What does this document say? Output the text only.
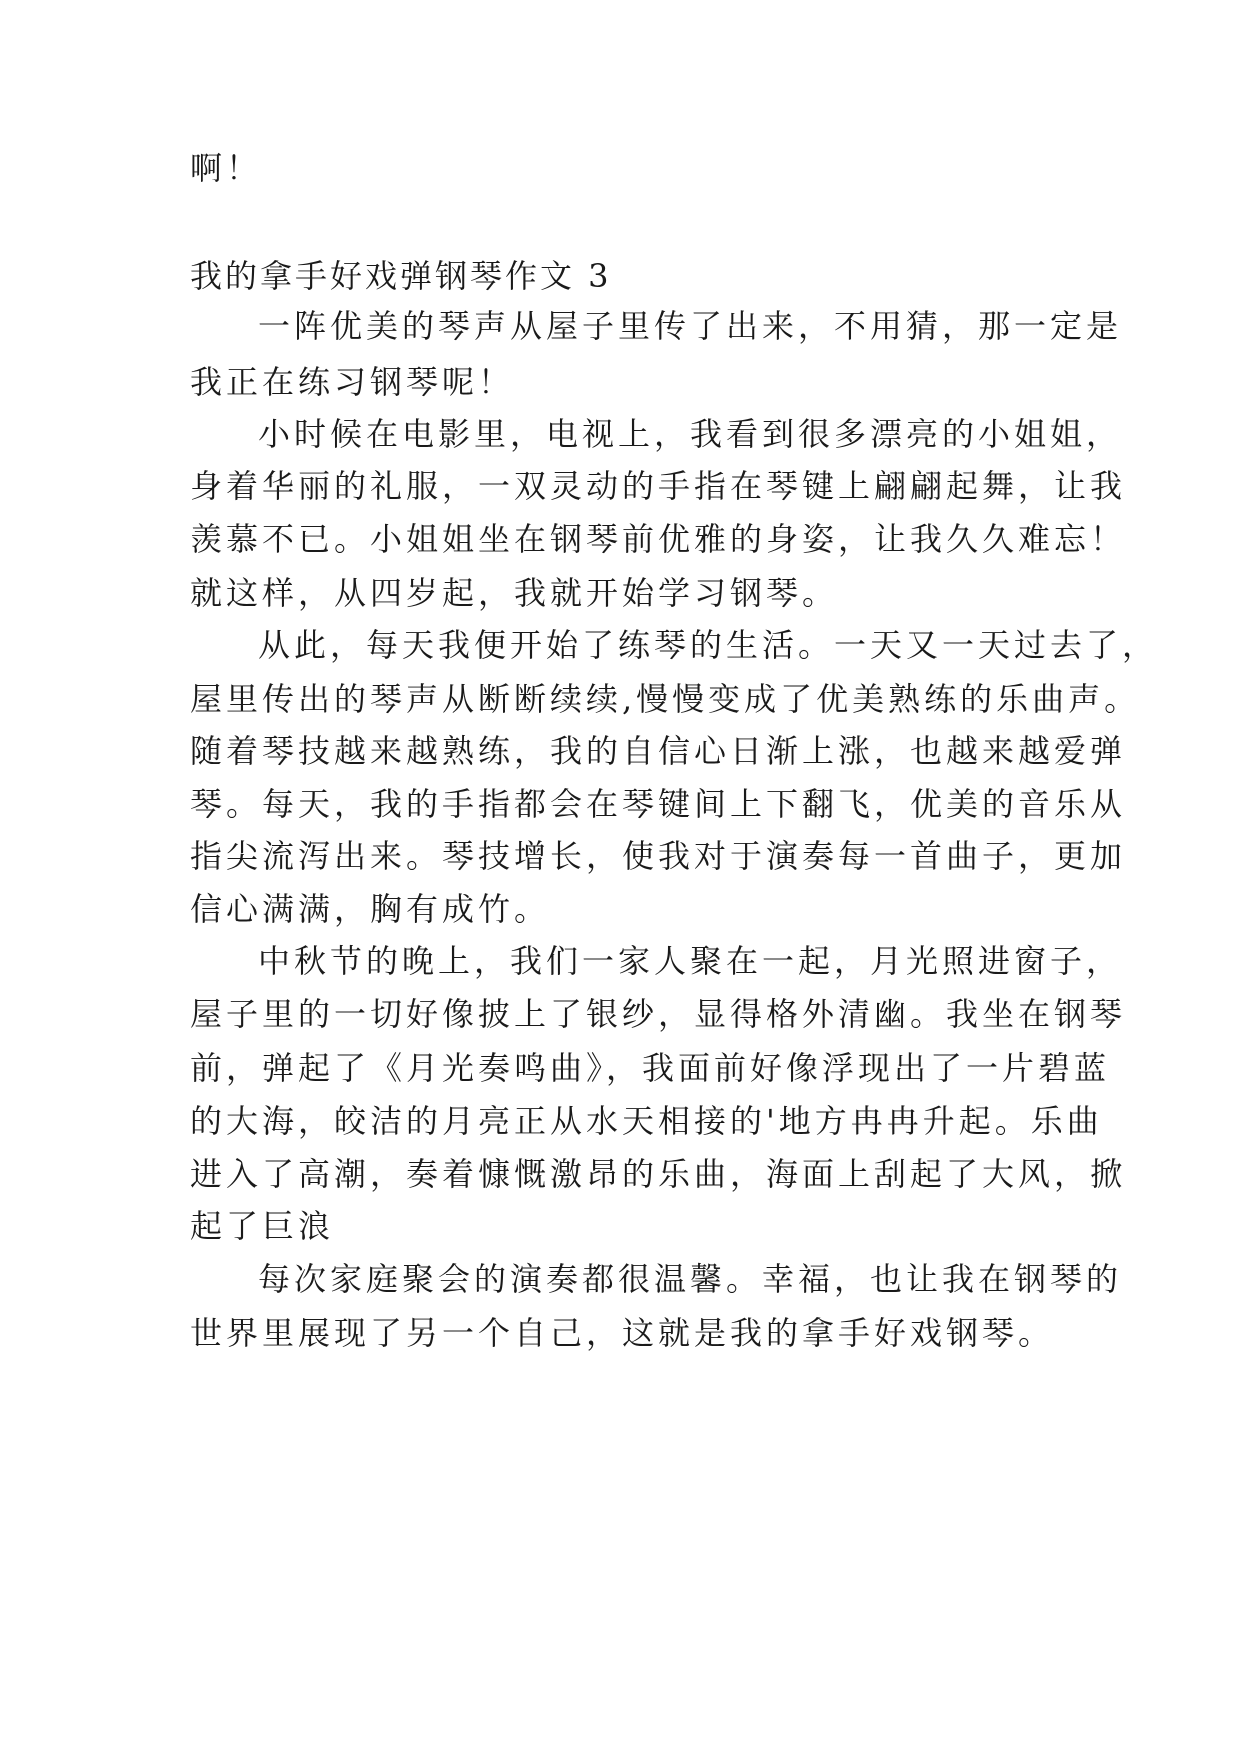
啊！
我的拿手好戏弹钢琴作文 3
一阵优美的琴声从屋子里传了出来，不用猜，那一定是
我正在练习钢琴呢！
小时候在电影里，电视上，我看到很多漂亮的小姐姐，
身着华丽的礼服，一双灵动的手指在琴键上翩翩起舞，让我
羡慕不已。小姐姐坐在钢琴前优雅的身姿，让我久久难忘！
就这样，从四岁起，我就开始学习钢琴。
从此，每天我便开始了练琴的生活。一天又一天过去了，
屋里传出的琴声从断断续续,慢慢变成了优美熟练的乐曲声。
随着琴技越来越熟练，我的自信心日渐上涨，也越来越爱弹
琴。每天，我的手指都会在琴键间上下翻飞，优美的音乐从
指尖流泻出来。琴技增长，使我对于演奏每一首曲子，更加
信心满满，胸有成竹。
中秋节的晚上，我们一家人聚在一起，月光照进窗子，
屋子里的一切好像披上了银纱，显得格外清幽。我坐在钢琴
前，弹起了《月光奏鸣曲》，我面前好像浮现出了一片碧蓝
的大海，皎洁的月亮正从水天相接的'地方冉冉升起。乐曲
进入了高潮，奏着慷慨激昂的乐曲，海面上刮起了大风，掀
起了巨浪
每次家庭聚会的演奏都很温馨。幸福，也让我在钢琴的
世界里展现了另一个自己，这就是我的拿手好戏钢琴。
